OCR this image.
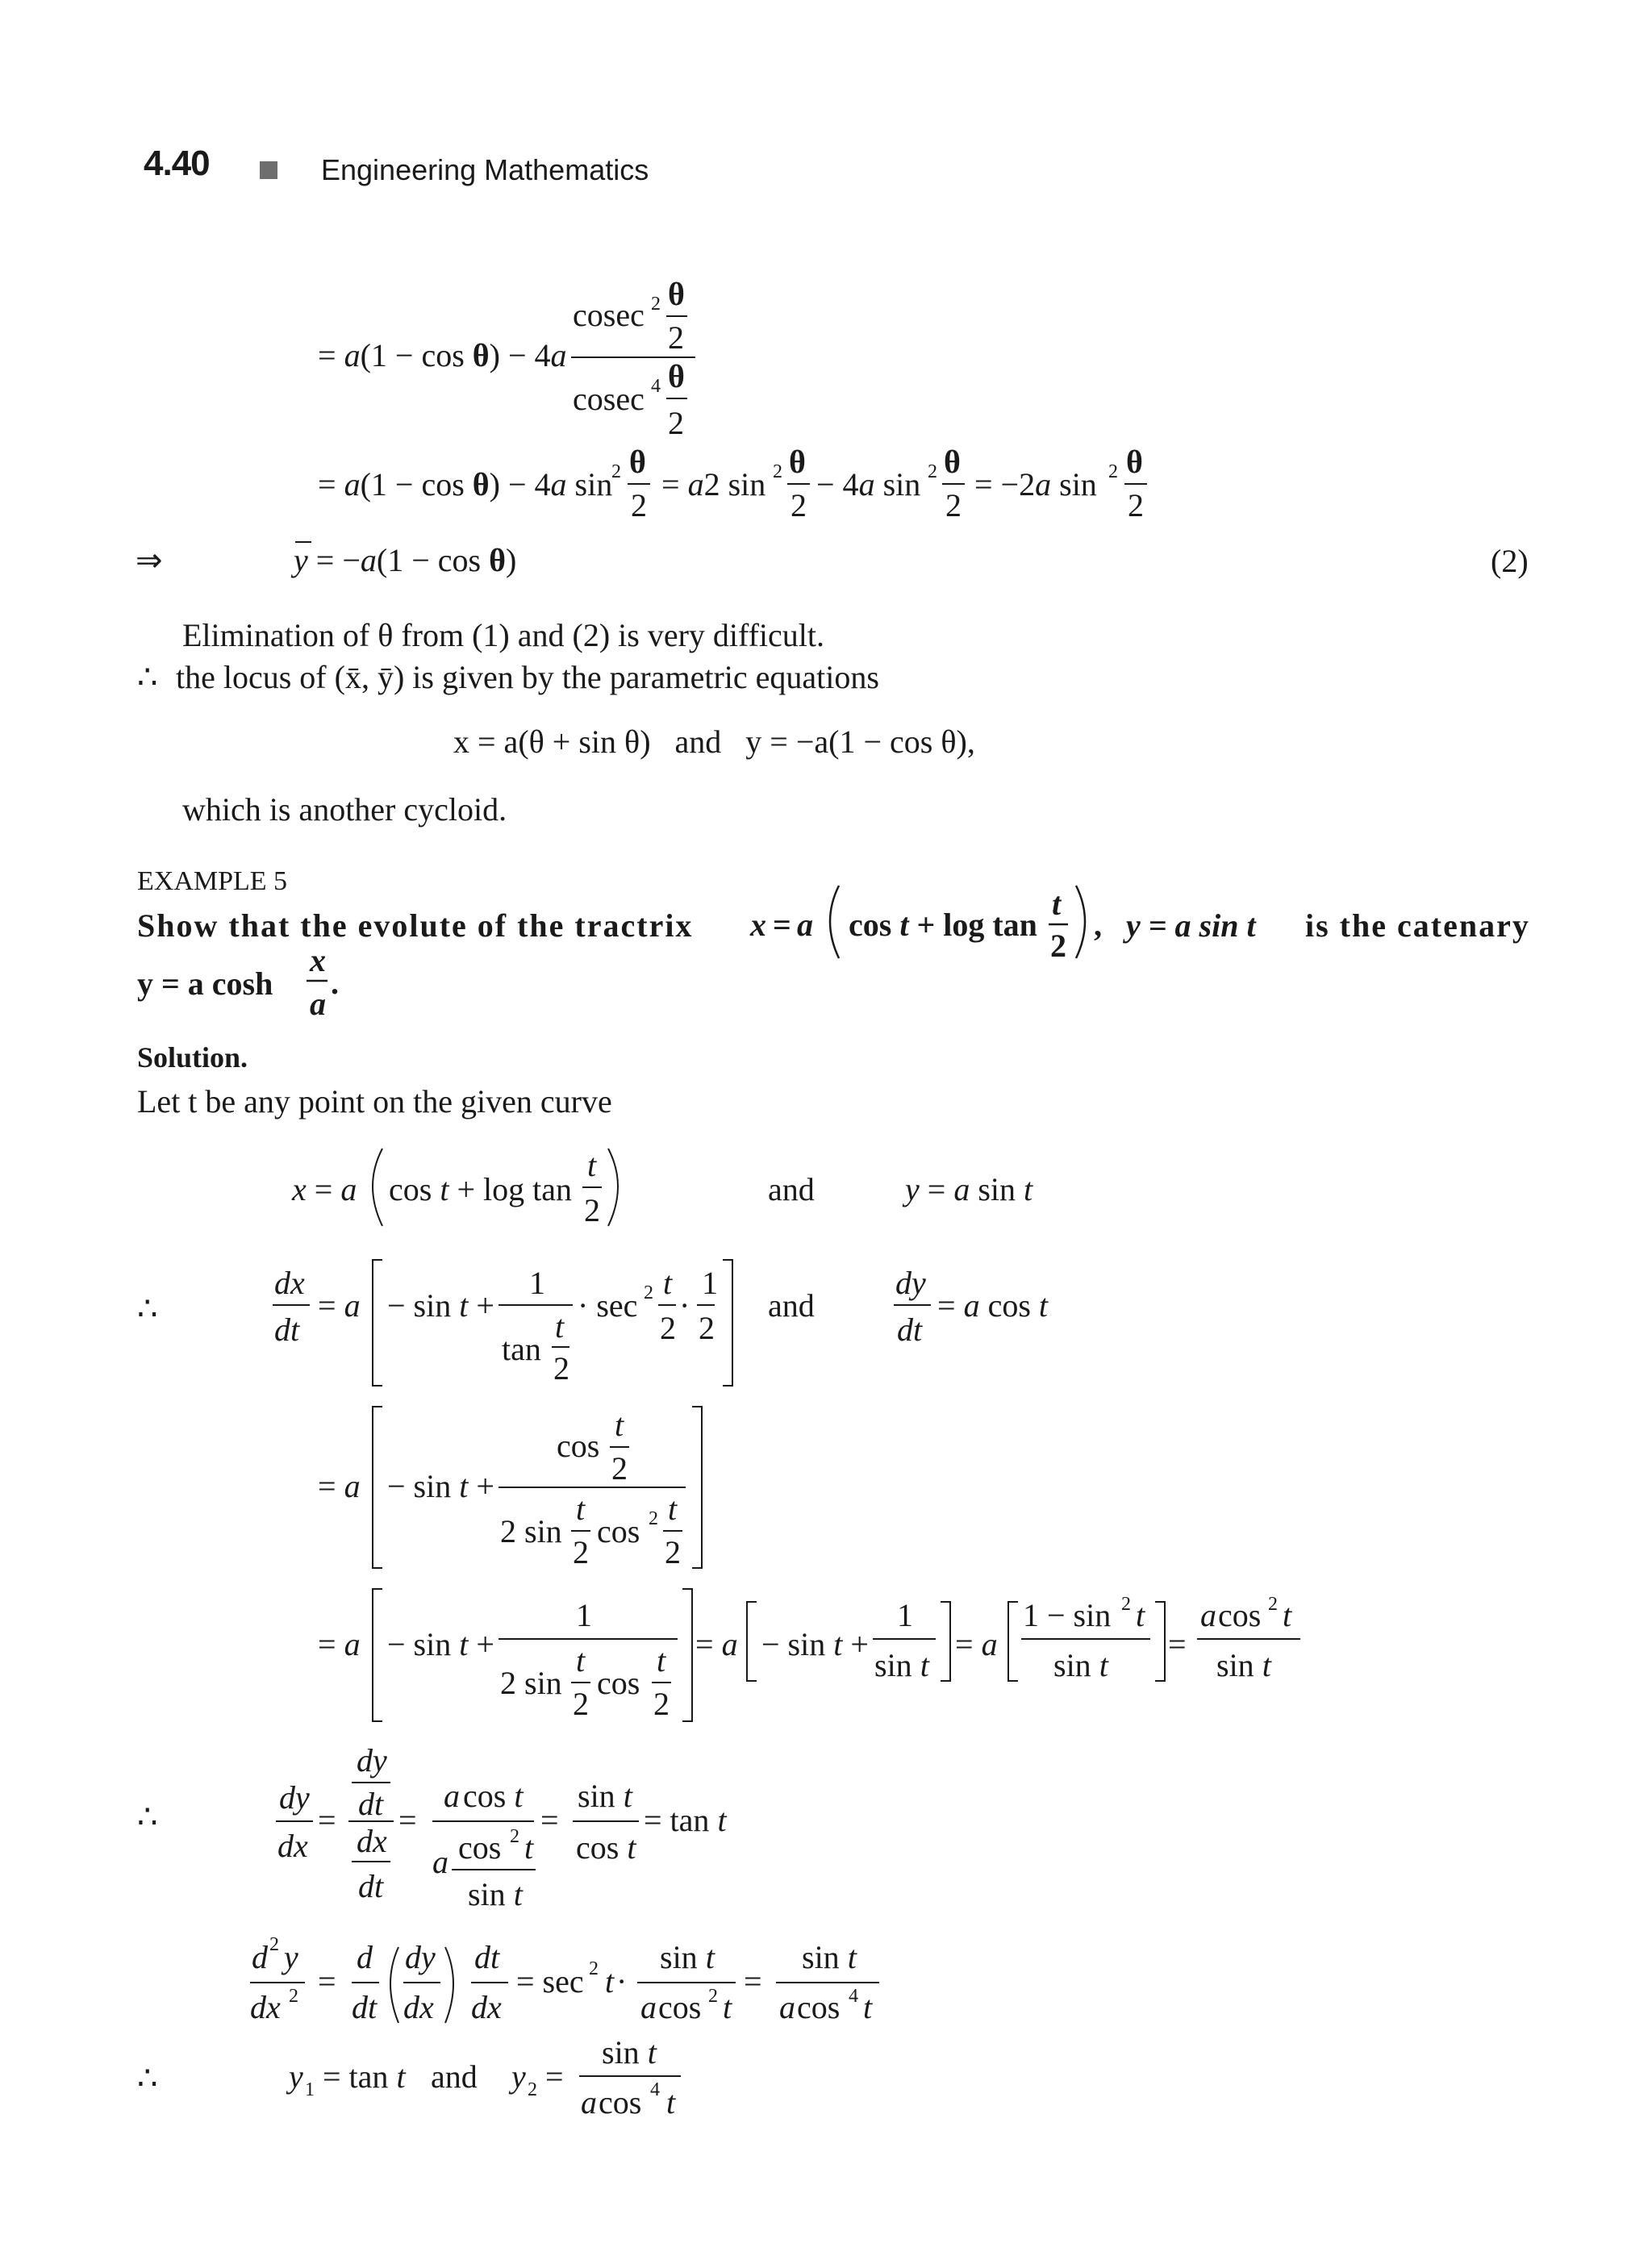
4.40	Engineering Mathematics
= a(1 − cos θ) − 4a
cosec 2 θ
2
cosec 4 θ
2
= a(1 − cos θ) − 4a sin
2 θ
2
= a2 sin 2 θ
2
− 4a sin 2 θ
2
= −2a sin 2 θ
2
⇒	y = −a(1 − cos θ)	(2)
Elimination of θ from (1) and (2) is very difficult.
∴ the locus of (x̄, ȳ) is given by the parametric equations
x = a(θ + sin θ)   and   y = −a(1 − cos θ),
which is another cycloid.
EXAMPLE 5
Show that the evolute of the tractrix x = a cos t + log tan
t
2
, y = a sin t is the catenary
y = a cosh
x
a
.
Solution.
Let t be any point on the given curve
x = a cos t + log tan
t
2
and	y = a sin t
∴
dx
dt
= a − sin t +
1
tan
t
2
· sec 2 t
2
·
1
2
and
dy
dt
= a cos t
= a − sin t +
cos
t
2
2 sin
t
2
cos 2 t
2
= a − sin t +
1
2 sin
t
2
cos
t
2
= a − sin t +
1
sin t
= a
1 − sin 2 t
sin t
=
a cos 2 t
sin t
∴
dy
dx
=
dy
dt
dx
dt
=
a cos t
a cos 2 t
sin t
=
sin t
cos t
= tan t
d 2 y
dx 2 =
d
dt
dy
dx
dt
dx
= sec 2 t ·
sin t
a cos 2 t
=
sin t
a cos 4 t
∴	y 1 = tan t and y 2 =
sin t
a cos 4 t
